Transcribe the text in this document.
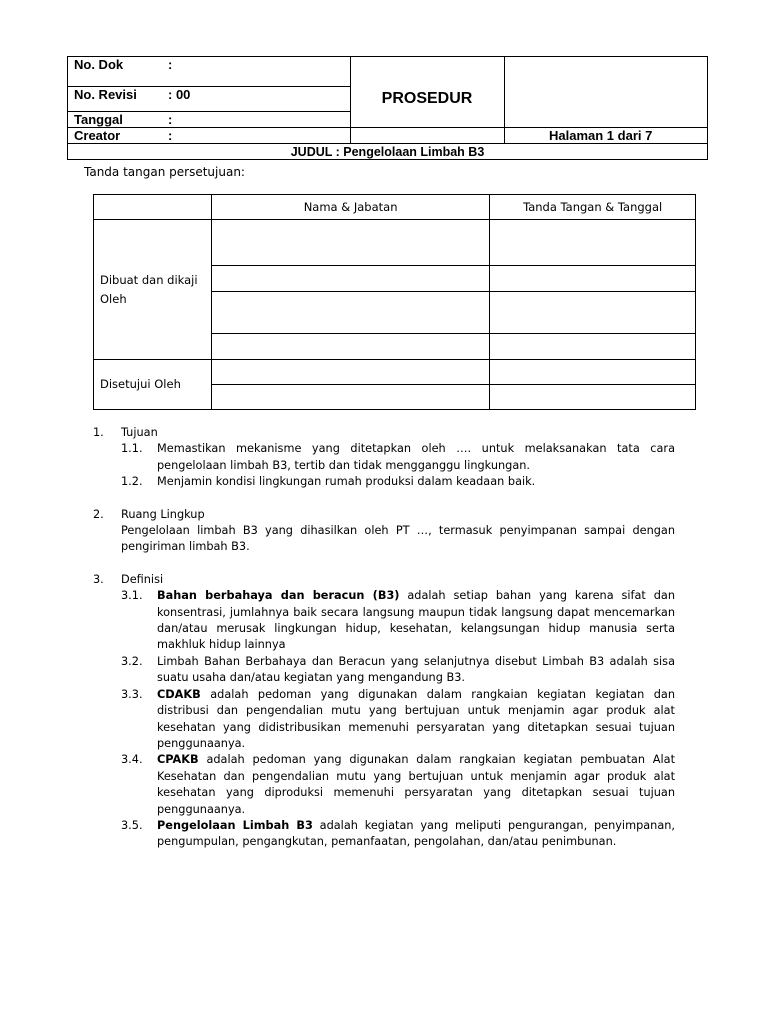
No. Dok	:
No. Revisi : 00
Tanggal	:
Creator	:
PROSEDUR
Halaman 1 dari 7
JUDUL : Pengelolaan Limbah B3
Tanda tangan persetujuan:
	Nama & Jabatan	Tanda Tangan & Tanggal
Dibuat dan dikaji Oleh		

Disetujui Oleh		

1.	Tujuan
1.1.	Memastikan mekanisme yang ditetapkan oleh …. untuk melaksanakan tata cara pengelolaan limbah B3, tertib dan tidak mengganggu lingkungan.
1.2.	Menjamin kondisi lingkungan rumah produksi dalam keadaan baik.
2.	Ruang Lingkup
Pengelolaan limbah B3 yang dihasilkan oleh PT …, termasuk penyimpanan sampai dengan pengiriman limbah B3.
3.	Definisi
3.1.	Bahan berbahaya dan beracun (B3) adalah setiap bahan yang karena sifat dan konsentrasi, jumlahnya baik secara langsung maupun tidak langsung dapat mencemarkan dan/atau merusak lingkungan hidup, kesehatan, kelangsungan hidup manusia serta makhluk hidup lainnya
3.2.	Limbah Bahan Berbahaya dan Beracun yang selanjutnya disebut Limbah B3 adalah sisa suatu usaha dan/atau kegiatan yang mengandung B3.
3.3.	CDAKB adalah pedoman yang digunakan dalam rangkaian kegiatan kegiatan dan distribusi dan pengendalian mutu yang bertujuan untuk menjamin agar produk alat kesehatan yang didistribusikan memenuhi persyaratan yang ditetapkan sesuai tujuan penggunaanya.
3.4.	CPAKB adalah pedoman yang digunakan dalam rangkaian kegiatan pembuatan Alat Kesehatan dan pengendalian mutu yang bertujuan untuk menjamin agar produk alat kesehatan yang diproduksi memenuhi persyaratan yang ditetapkan sesuai tujuan penggunaanya.
3.5.	Pengelolaan Limbah B3 adalah kegiatan yang meliputi pengurangan, penyimpanan, pengumpulan, pengangkutan, pemanfaatan, pengolahan, dan/atau penimbunan.
